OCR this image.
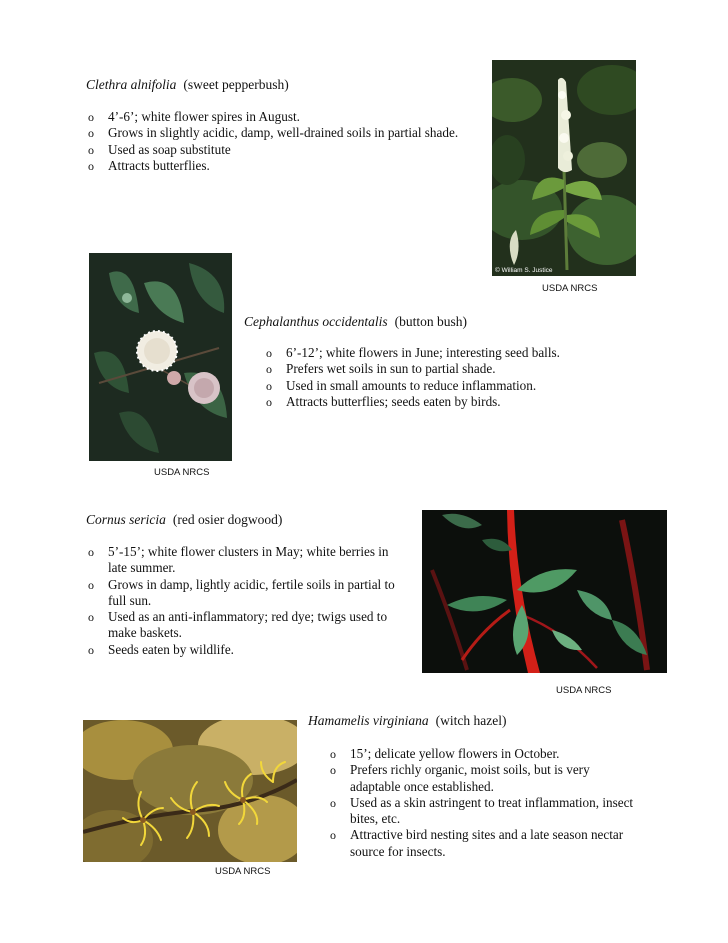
Clethra alnifolia (sweet pepperbush)
o 4’-6’; white flower spires in August.
o Grows in slightly acidic, damp, well-drained soils in partial shade.
o Used as soap substitute
o Attracts butterflies.
© William S. Justice
USDA NRCS
Cephalanthus occidentalis (button bush)
o 6’-12’; white flowers in June; interesting seed balls.
o Prefers wet soils in sun to partial shade.
o Used in small amounts to reduce inflammation.
o Attracts butterflies; seeds eaten by birds.
USDA NRCS
Cornus sericia (red osier dogwood)
o 5’-15’; white flower clusters in May; white berries in late summer.
o Grows in damp, lightly acidic, fertile soils in partial to full sun.
o Used as an anti-inflammatory; red dye; twigs used to make baskets.
o Seeds eaten by wildlife.
USDA NRCS
Hamamelis virginiana (witch hazel)
o 15’; delicate yellow flowers in October.
o Prefers richly organic, moist soils, but is very adaptable once established.
o Used as a skin astringent to treat inflammation, insect bites, etc.
o Attractive bird nesting sites and a late season nectar source for insects.
USDA NRCS
